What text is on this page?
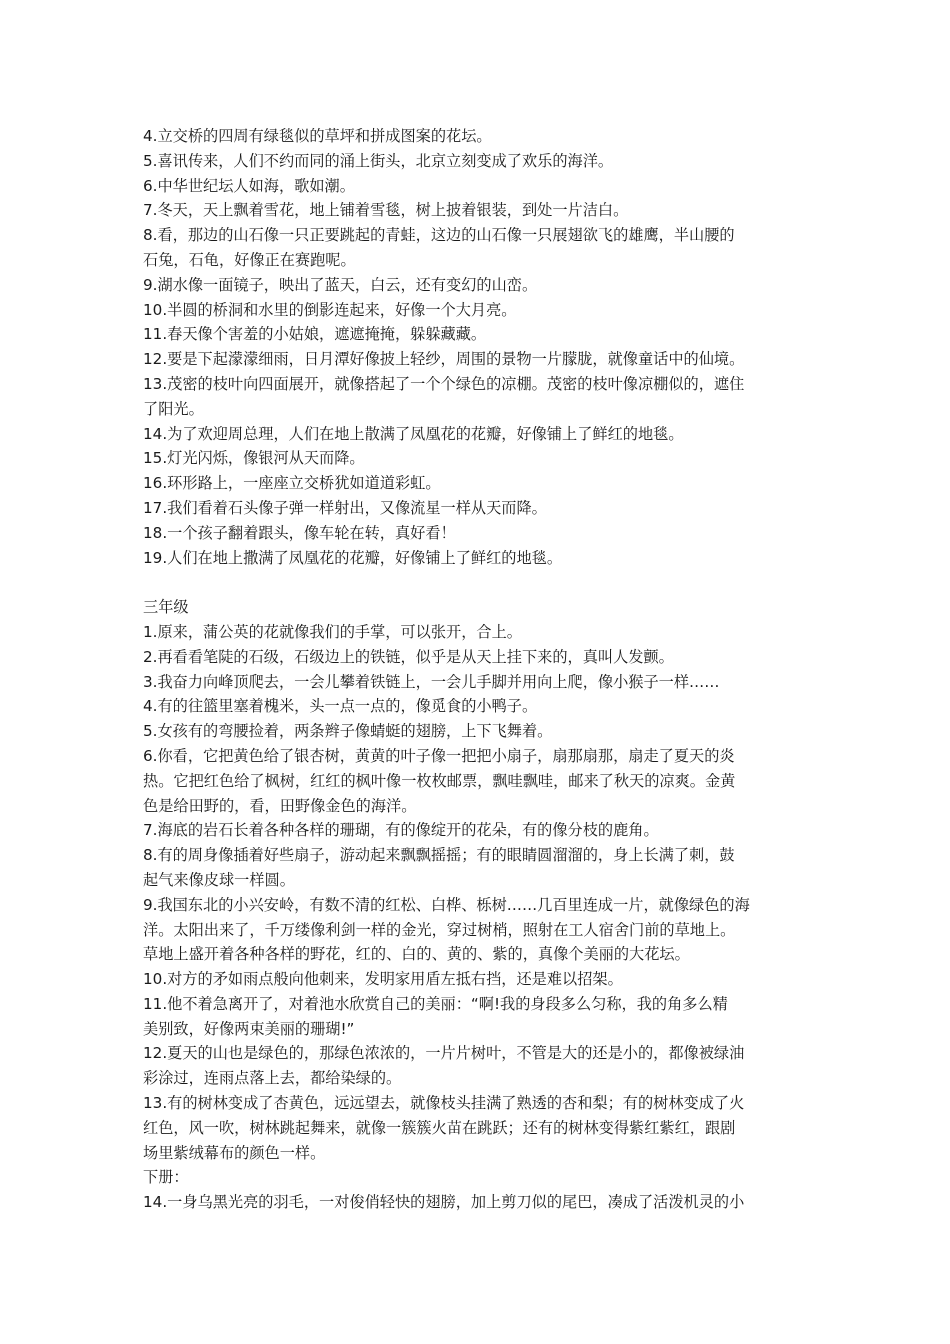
4.立交桥的四周有绿毯似的草坪和拼成图案的花坛。
5.喜讯传来，人们不约而同的涌上街头，北京立刻变成了欢乐的海洋。
6.中华世纪坛人如海，歌如潮。
7.冬天，天上飘着雪花，地上铺着雪毯，树上披着银装，到处一片洁白。
8.看，那边的山石像一只正要跳起的青蛙，这边的山石像一只展翅欲飞的雄鹰，半山腰的
石兔，石龟，好像正在赛跑呢。
9.湖水像一面镜子，映出了蓝天，白云，还有变幻的山峦。
10.半圆的桥洞和水里的倒影连起来，好像一个大月亮。
11.春天像个害羞的小姑娘，遮遮掩掩，躲躲藏藏。
12.要是下起濛濛细雨，日月潭好像披上轻纱，周围的景物一片朦胧，就像童话中的仙境。
13.茂密的枝叶向四面展开，就像搭起了一个个绿色的凉棚。茂密的枝叶像凉棚似的，遮住
了阳光。
14.为了欢迎周总理，人们在地上散满了凤凰花的花瓣，好像铺上了鲜红的地毯。
15.灯光闪烁，像银河从天而降。
16.环形路上，一座座立交桥犹如道道彩虹。
17.我们看着石头像子弹一样射出，又像流星一样从天而降。
18.一个孩子翻着跟头，像车轮在转，真好看！
19.人们在地上撒满了凤凰花的花瓣，好像铺上了鲜红的地毯。
三年级
1.原来，蒲公英的花就像我们的手掌，可以张开，合上。
2.再看看笔陡的石级，石级边上的铁链，似乎是从天上挂下来的，真叫人发颤。
3.我奋力向峰顶爬去，一会儿攀着铁链上，一会儿手脚并用向上爬，像小猴子一样……
4.有的往篮里塞着槐米，头一点一点的，像觅食的小鸭子。
5.女孩有的弯腰捡着，两条辫子像蜻蜓的翅膀，上下飞舞着。
6.你看，它把黄色给了银杏树，黄黄的叶子像一把把小扇子，扇那扇那，扇走了夏天的炎
热。它把红色给了枫树，红红的枫叶像一枚枚邮票，飘哇飘哇，邮来了秋天的凉爽。金黄
色是给田野的，看，田野像金色的海洋。
7.海底的岩石长着各种各样的珊瑚，有的像绽开的花朵，有的像分枝的鹿角。
8.有的周身像插着好些扇子，游动起来飘飘摇摇；有的眼睛圆溜溜的，身上长满了刺，鼓
起气来像皮球一样圆。
9.我国东北的小兴安岭，有数不清的红松、白桦、栎树……几百里连成一片，就像绿色的海
洋。太阳出来了，千万缕像利剑一样的金光，穿过树梢，照射在工人宿舍门前的草地上。
草地上盛开着各种各样的野花，红的、白的、黄的、紫的，真像个美丽的大花坛。
10.对方的矛如雨点般向他刺来，发明家用盾左抵右挡，还是难以招架。
11.他不着急离开了，对着池水欣赏自己的美丽：“啊!我的身段多么匀称，我的角多么精
美别致，好像两束美丽的珊瑚!”
12.夏天的山也是绿色的，那绿色浓浓的，一片片树叶，不管是大的还是小的，都像被绿油
彩涂过，连雨点落上去，都给染绿的。
13.有的树林变成了杏黄色，远远望去，就像枝头挂满了熟透的杏和梨；有的树林变成了火
红色，风一吹，树林跳起舞来，就像一簇簇火苗在跳跃；还有的树林变得紫红紫红，跟剧
场里紫绒幕布的颜色一样。
下册：
14.一身乌黑光亮的羽毛，一对俊俏轻快的翅膀，加上剪刀似的尾巴，凑成了活泼机灵的小
